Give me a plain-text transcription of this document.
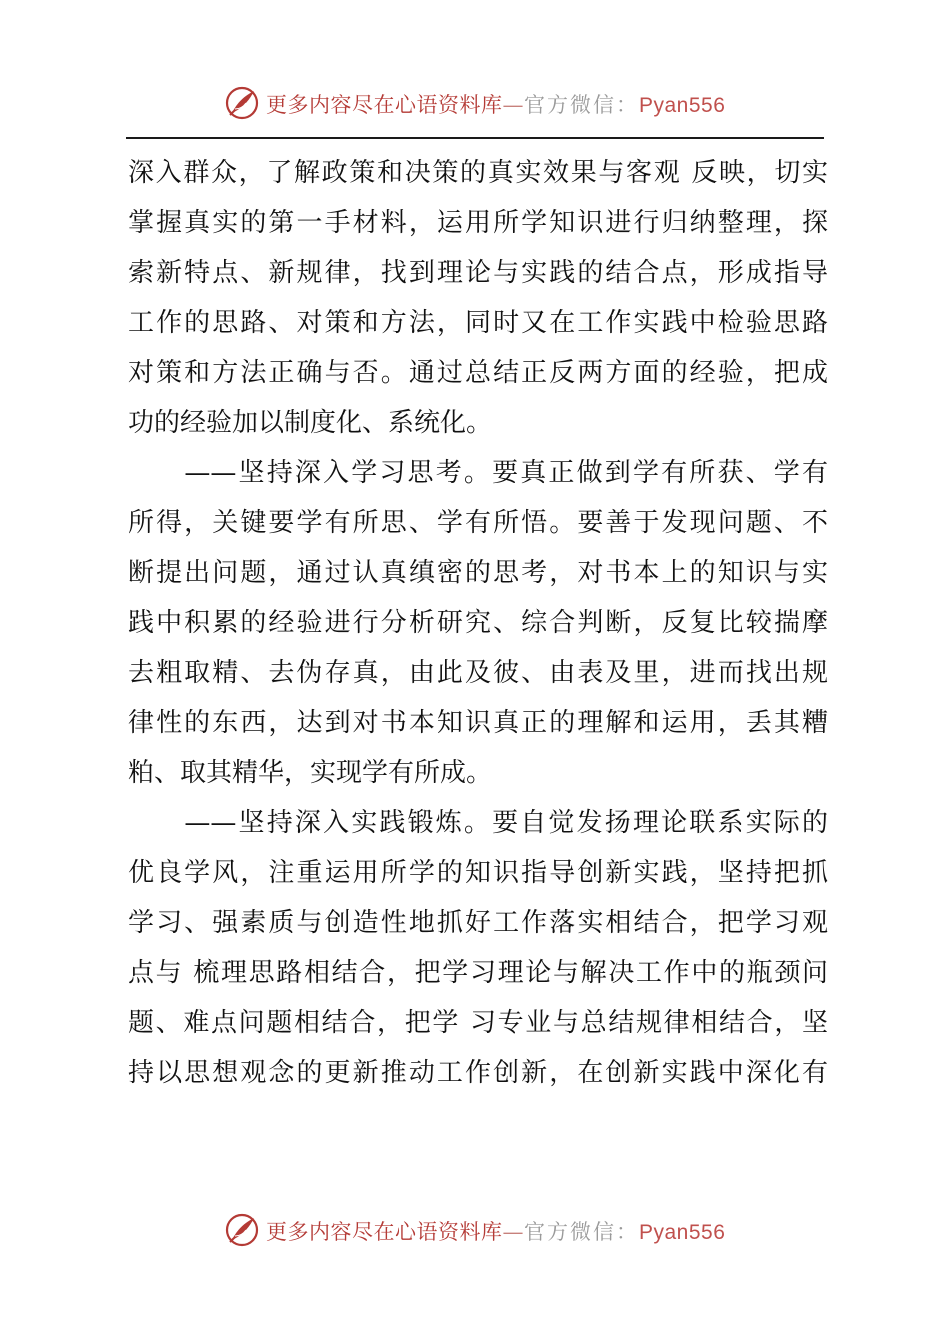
更多内容尽在心语资料库—官方微信：Pyan556
深入群众，了解政策和决策的真实效果与客观 反映，切实
掌握真实的第一手材料，运用所学知识进行归纳整理，探
索新特点、新规律，找到理论与实践的结合点，形成指导
工作的思路、对策和方法，同时又在工作实践中检验思路
对策和方法正确与否。通过总结正反两方面的经验，把成
功的经验加以制度化、系统化。
　　——坚持深入学习思考。要真正做到学有所获、学有
所得，关键要学有所思、学有所悟。要善于发现问题、不
断提出问题，通过认真缜密的思考，对书本上的知识与实
践中积累的经验进行分析研究、综合判断，反复比较揣摩
去粗取精、去伪存真，由此及彼、由表及里，进而找出规
律性的东西，达到对书本知识真正的理解和运用，丢其糟
粕、取其精华，实现学有所成。
　　——坚持深入实践锻炼。要自觉发扬理论联系实际的
优良学风，注重运用所学的知识指导创新实践，坚持把抓
学习、强素质与创造性地抓好工作落实相结合，把学习观
点与 梳理思路相结合，把学习理论与解决工作中的瓶颈问
题、难点问题相结合，把学 习专业与总结规律相结合，坚
持以思想观念的更新推动工作创新，在创新实践中深化有
更多内容尽在心语资料库—官方微信：Pyan556
